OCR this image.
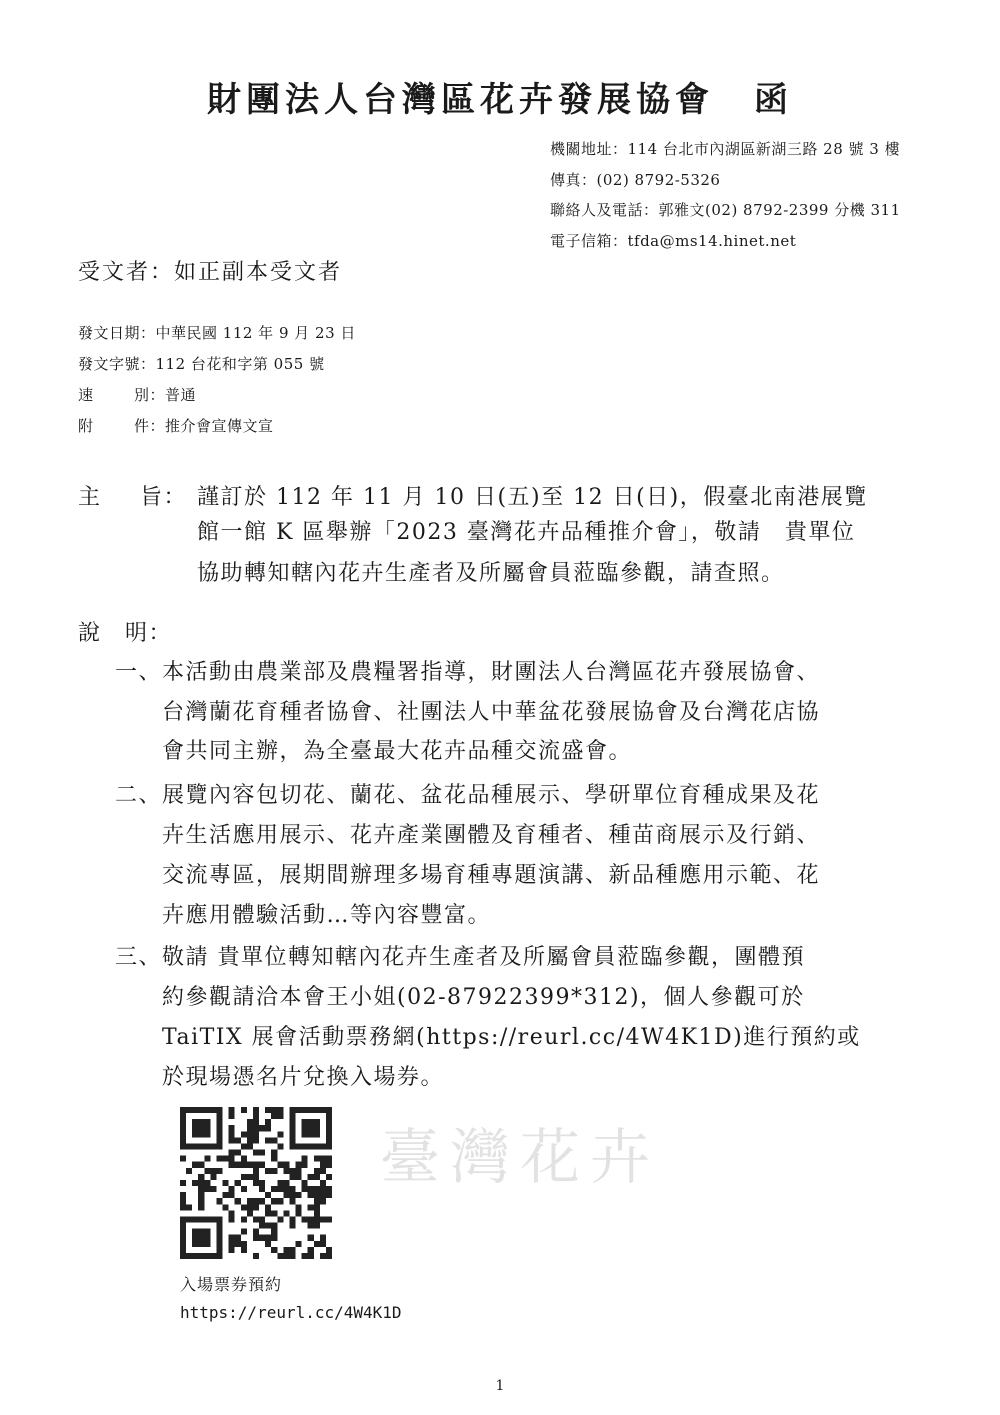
財團法人台灣區花卉發展協會 函
機關地址：114 台北市內湖區新湖三路 28 號 3 樓
傳真：(02) 8792-5326
聯絡人及電話：郭雅文(02) 8792-2399 分機 311
電子信箱：tfda@ms14.hinet.net
受文者：如正副本受文者
發文日期：中華民國 112 年 9 月 23 日
發文字號：112 台花和字第 055 號
速	別：普通
附	件：推介會宣傳文宣
主 旨： 謹訂於 112 年 11 月 10 日(五)至 12 日(日)，假臺北南港展覽
館一館 K 區舉辦「2023 臺灣花卉品種推介會」，敬請　貴單位
協助轉知轄內花卉生產者及所屬會員蒞臨參觀，請查照。
說　明：
一、 本活動由農業部及農糧署指導，財團法人台灣區花卉發展協會、
台灣蘭花育種者協會、社團法人中華盆花發展協會及台灣花店協
會共同主辦，為全臺最大花卉品種交流盛會。
二、 展覽內容包切花、蘭花、盆花品種展示、學研單位育種成果及花
卉生活應用展示、花卉產業團體及育種者、種苗商展示及行銷、
交流專區，展期間辦理多場育種專題演講、新品種應用示範、花
卉應用體驗活動…等內容豐富。
三、 敬請 貴單位轉知轄內花卉生產者及所屬會員蒞臨參觀，團體預
約參觀請洽本會王小姐(02-87922399*312)，個人參觀可於
TaiTIX 展會活動票務網(https://reurl.cc/4W4K1D)進行預約或
於現場憑名片兌換入場券。
臺灣花卉
入場票券預約
https://reurl.cc/4W4K1D
1
